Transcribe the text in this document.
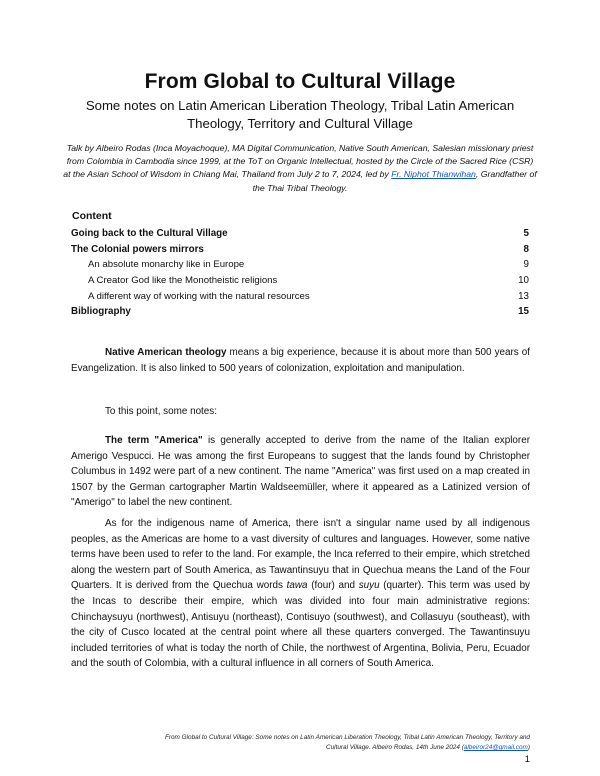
From Global to Cultural Village
Some notes on Latin American Liberation Theology, Tribal Latin American Theology, Territory and Cultural Village
Talk by Albeiro Rodas (Inca Moyachoque), MA Digital Communication, Native South American, Salesian missionary priest from Colombia in Cambodia since 1999, at the ToT on Organic Intellectual, hosted by the Circle of the Sacred Rice (CSR) at the Asian School of Wisdom in Chiang Mai, Thailand from July 2 to 7, 2024, led by Fr. Niphot Thianwihan, Grandfather of the Thai Tribal Theology.
Content
Going back to the Cultural Village	5
The Colonial powers mirrors	8
An absolute monarchy like in Europe	9
A Creator God like the Monotheistic religions	10
A different way of working with the natural resources	13
Bibliography	15

Native American theology means a big experience, because it is about more than 500 years of Evangelization. It is also linked to 500 years of colonization, exploitation and manipulation.

To this point, some notes:

The term "America" is generally accepted to derive from the name of the Italian explorer Amerigo Vespucci. He was among the first Europeans to suggest that the lands found by Christopher Columbus in 1492 were part of a new continent. The name "America" was first used on a map created in 1507 by the German cartographer Martin Waldseemüller, where it appeared as a Latinized version of "Amerigo" to label the new continent.

As for the indigenous name of America, there isn't a singular name used by all indigenous peoples, as the Americas are home to a vast diversity of cultures and languages. However, some native terms have been used to refer to the land. For example, the Inca referred to their empire, which stretched along the western part of South America, as Tawantinsuyu that in Quechua means the Land of the Four Quarters. It is derived from the Quechua words tawa (four) and suyu (quarter). This term was used by the Incas to describe their empire, which was divided into four main administrative regions: Chinchaysuyu (northwest), Antisuyu (northeast), Contisuyo (southwest), and Collasuyu (southeast), with the city of Cusco located at the central point where all these quarters converged. The Tawantinsuyu included territories of what is today the north of Chile, the northwest of Argentina, Bolivia, Peru, Ecuador and the south of Colombia, with a cultural influence in all corners of South America.

From Global to Cultural Village: Some notes on Latin American Liberation Theology, Tribal Latin American Theology, Territory and
Cultural Village. Albeiro Rodas, 14th June 2024 (albeiror24@gmail.com)
1
